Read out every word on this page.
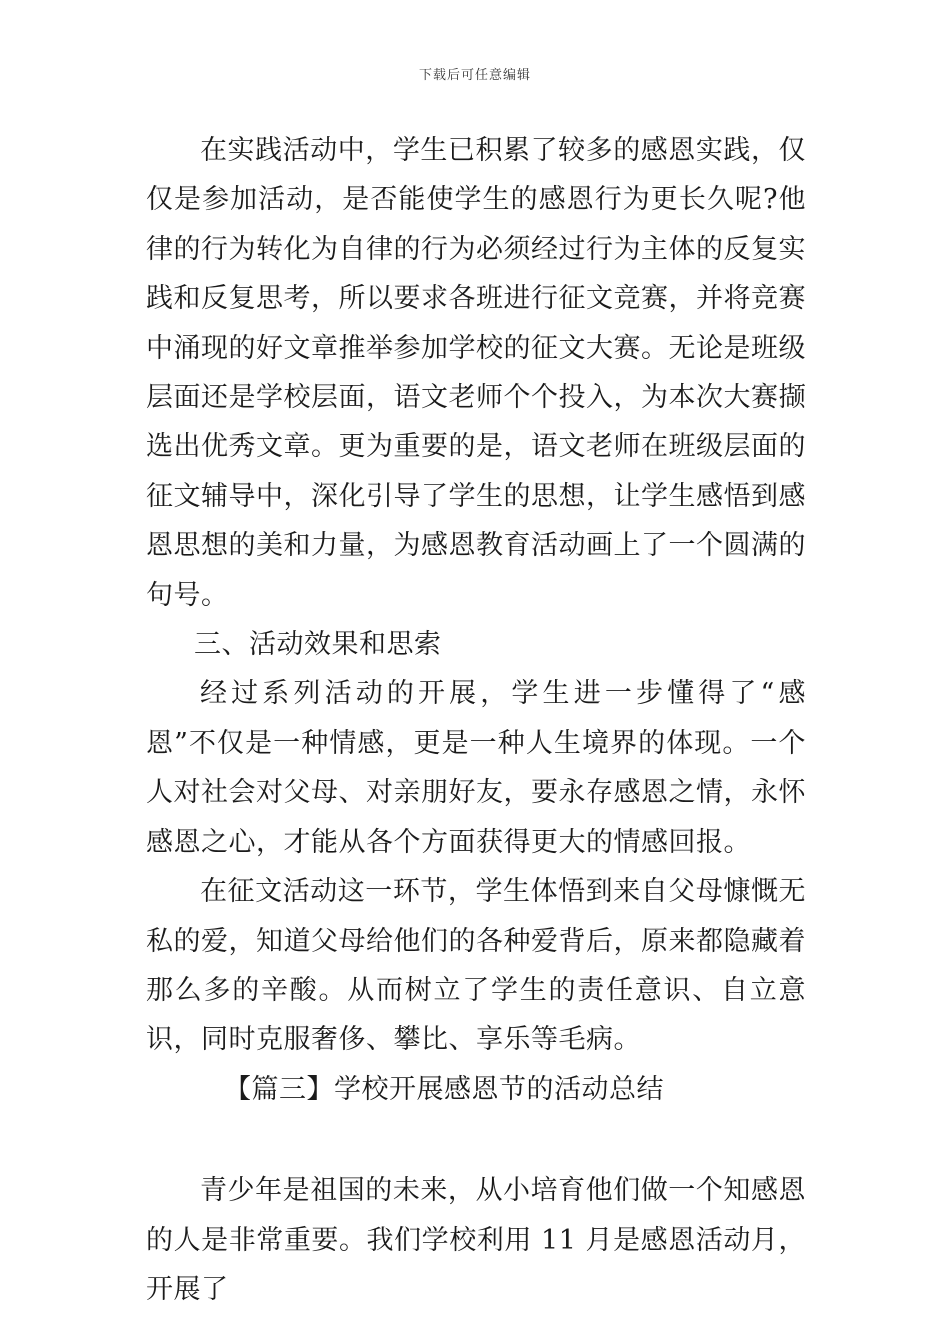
下载后可任意编辑

在实践活动中，学生已积累了较多的感恩实践，仅仅是参加活动，是否能使学生的感恩行为更长久呢?他律的行为转化为自律的行为必须经过行为主体的反复实践和反复思考，所以要求各班进行征文竞赛，并将竞赛中涌现的好文章推举参加学校的征文大赛。无论是班级层面还是学校层面，语文老师个个投入，为本次大赛撷选出优秀文章。更为重要的是，语文老师在班级层面的征文辅导中，深化引导了学生的思想，让学生感悟到感恩思想的美和力量，为感恩教育活动画上了一个圆满的句号。

三、活动效果和思索

经过系列活动的开展，学生进一步懂得了“感恩”不仅是一种情感，更是一种人生境界的体现。一个人对社会对父母、对亲朋好友，要永存感恩之情，永怀感恩之心，才能从各个方面获得更大的情感回报。

在征文活动这一环节，学生体悟到来自父母慷慨无私的爱，知道父母给他们的各种爱背后，原来都隐藏着那么多的辛酸。从而树立了学生的责任意识、自立意识，同时克服奢侈、攀比、享乐等毛病。

【篇三】学校开展感恩节的活动总结

青少年是祖国的未来，从小培育他们做一个知感恩的人是非常重要。我们学校利用 11 月是感恩活动月，开展了
